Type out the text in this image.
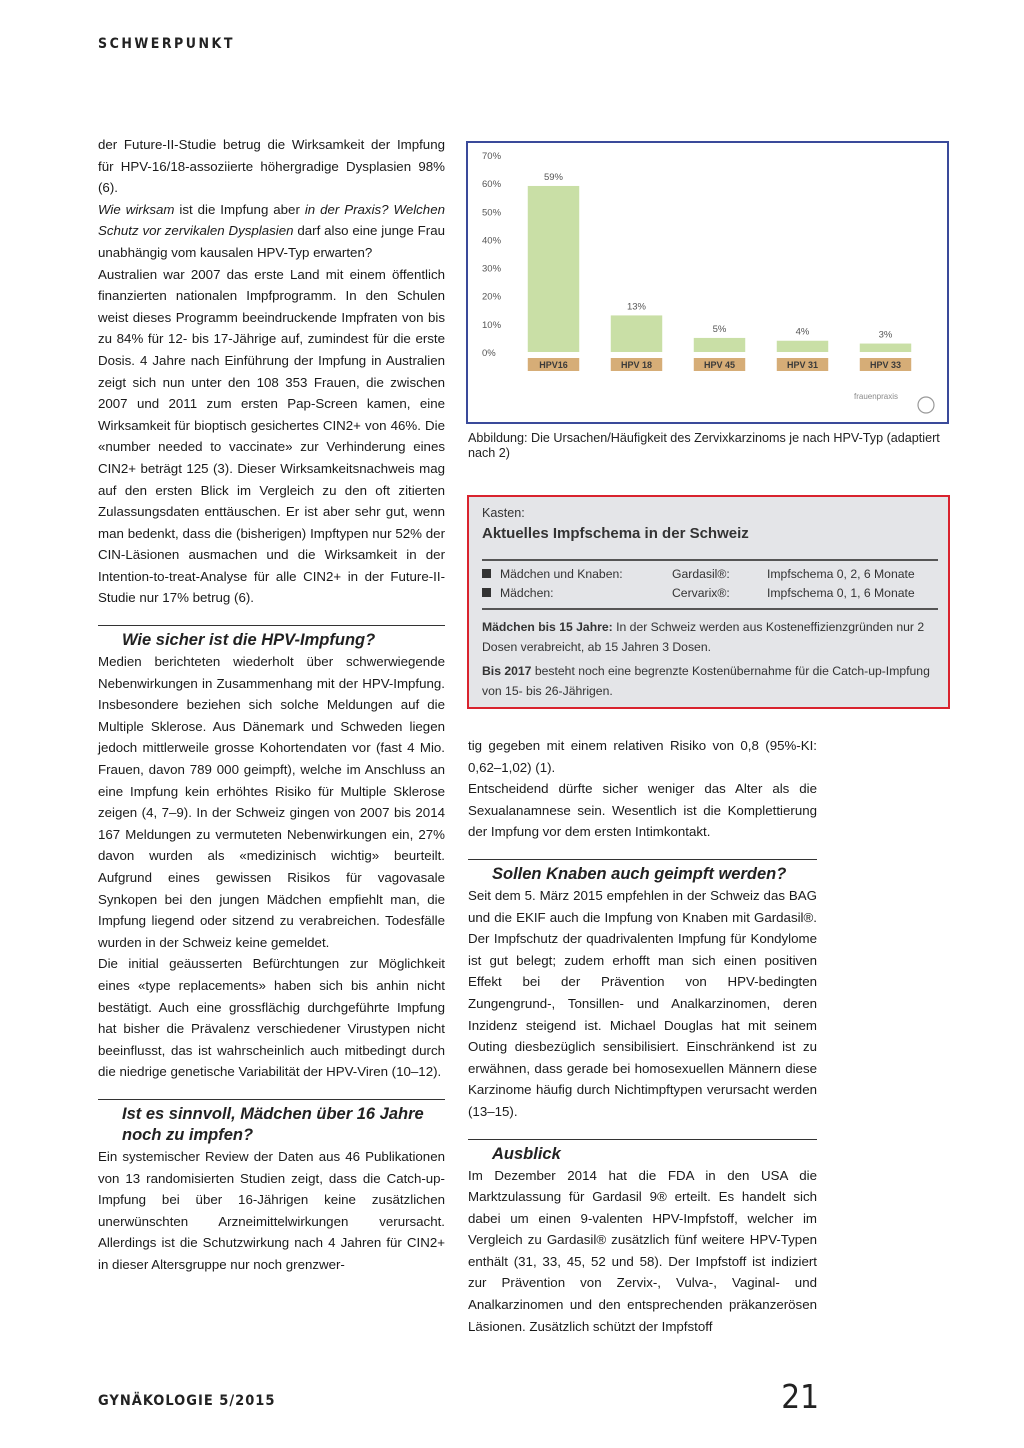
SCHWERPUNKT

der Future-II-Studie betrug die Wirksamkeit der Impfung für HPV-16/18-assoziierte höhergradige Dysplasien 98% (6).

Wie wirksam ist die Impfung aber in der Praxis? Welchen Schutz vor zervikalen Dysplasien darf also eine junge Frau unabhängig vom kausalen HPV-Typ erwarten?

Australien war 2007 das erste Land mit einem öffentlich finanzierten nationalen Impfprogramm. In den Schulen weist dieses Programm beeindruckende Impfraten von bis zu 84% für 12- bis 17-Jährige auf, zumindest für die erste Dosis. 4 Jahre nach Einführung der Impfung in Australien zeigt sich nun unter den 108 353 Frauen, die zwischen 2007 und 2011 zum ersten Pap-Screen kamen, eine Wirksamkeit für bioptisch gesichertes CIN2+ von 46%. Die «number needed to vaccinate» zur Verhinderung eines CIN2+ beträgt 125 (3). Dieser Wirksamkeitsnachweis mag auf den ersten Blick im Vergleich zu den oft zitierten Zulassungsdaten enttäuschen. Er ist aber sehr gut, wenn man bedenkt, dass die (bisherigen) Impftypen nur 52% der CIN-Läsionen ausmachen und die Wirksamkeit in der Intention-to-treat-Analyse für alle CIN2+ in der Future-II-Studie nur 17% betrug (6).

Wie sicher ist die HPV-Impfung?

Medien berichteten wiederholt über schwerwiegende Nebenwirkungen in Zusammenhang mit der HPV-Impfung. Insbesondere beziehen sich solche Meldungen auf die Multiple Sklerose. Aus Dänemark und Schweden liegen jedoch mittlerweile grosse Kohortendaten vor (fast 4 Mio. Frauen, davon 789 000 geimpft), welche im Anschluss an eine Impfung kein erhöhtes Risiko für Multiple Sklerose zeigen (4, 7–9). In der Schweiz gingen von 2007 bis 2014 167 Meldungen zu vermuteten Nebenwirkungen ein, 27% davon wurden als «medizinisch wichtig» beurteilt. Aufgrund eines gewissen Risikos für vagovasale Synkopen bei den jungen Mädchen empfiehlt man, die Impfung liegend oder sitzend zu verabreichen. Todesfälle wurden in der Schweiz keine gemeldet.

Die initial geäusserten Befürchtungen zur Möglichkeit eines «type replacements» haben sich bis anhin nicht bestätigt. Auch eine grossflächig durchgeführte Impfung hat bisher die Prävalenz verschiedener Virustypen nicht beeinflusst, das ist wahrscheinlich auch mitbedingt durch die niedrige genetische Variabilität der HPV-Viren (10–12).

Ist es sinnvoll, Mädchen über 16 Jahre noch zu impfen?

Ein systemischer Review der Daten aus 46 Publikationen von 13 randomisierten Studien zeigt, dass die Catch-up-Impfung bei über 16-Jährigen keine zusätzlichen unerwünschten Arzneimittelwirkungen verursacht. Allerdings ist die Schutzwirkung nach 4 Jahren für CIN2+ in dieser Altersgruppe nur noch grenzwer-

0%
10%
20%
30%
40%
50%
60%
70%
59%
13%
5%	4%	3%
HPV16	HPV 18	HPV 45	HPV 31	HPV 33
frauenpraxis
Abbildung: Die Ursachen/Häufigkeit des Zervixkarzinoms je nach HPV-Typ (adaptiert nach 2)
Kasten:
Aktuelles Impfschema in der Schweiz
Mädchen und Knaben:	Gardasil®:	Impfschema 0, 2, 6 Monate
Mädchen:	Cervarix®:	Impfschema 0, 1, 6 Monate
Mädchen bis 15 Jahre: In der Schweiz werden aus Kosteneffizienzgründen nur 2 Dosen verabreicht, ab 15 Jahren 3 Dosen.
Bis 2017 besteht noch eine begrenzte Kostenübernahme für die Catch-up-Impfung von 15- bis 26-Jährigen.

tig gegeben mit einem relativen Risiko von 0,8 (95%-KI: 0,62–1,02) (1).

Entscheidend dürfte sicher weniger das Alter als die Sexualanamnese sein. Wesentlich ist die Komplettierung der Impfung vor dem ersten Intimkontakt.

Sollen Knaben auch geimpft werden?

Seit dem 5. März 2015 empfehlen in der Schweiz das BAG und die EKIF auch die Impfung von Knaben mit Gardasil®. Der Impfschutz der quadrivalenten Impfung für Kondylome ist gut belegt; zudem erhofft man sich einen positiven Effekt bei der Prävention von HPV-bedingten Zungengrund-, Tonsillen- und Analkarzinomen, deren Inzidenz steigend ist. Michael Douglas hat mit seinem Outing diesbezüglich sensibilisiert. Einschränkend ist zu erwähnen, dass gerade bei homosexuellen Männern diese Karzinome häufig durch Nichtimpftypen verursacht werden (13–15).

Ausblick

Im Dezember 2014 hat die FDA in den USA die Marktzulassung für Gardasil 9® erteilt. Es handelt sich dabei um einen 9-valenten HPV-Impfstoff, welcher im Vergleich zu Gardasil® zusätzlich fünf weitere HPV-Typen enthält (31, 33, 45, 52 und 58). Der Impfstoff ist indiziert zur Prävention von Zervix-, Vulva-, Vaginal- und Analkarzinomen und den entsprechenden präkanzerösen Läsionen. Zusätzlich schützt der Impfstoff

GYNÄKOLOGIE 5/2015	21
